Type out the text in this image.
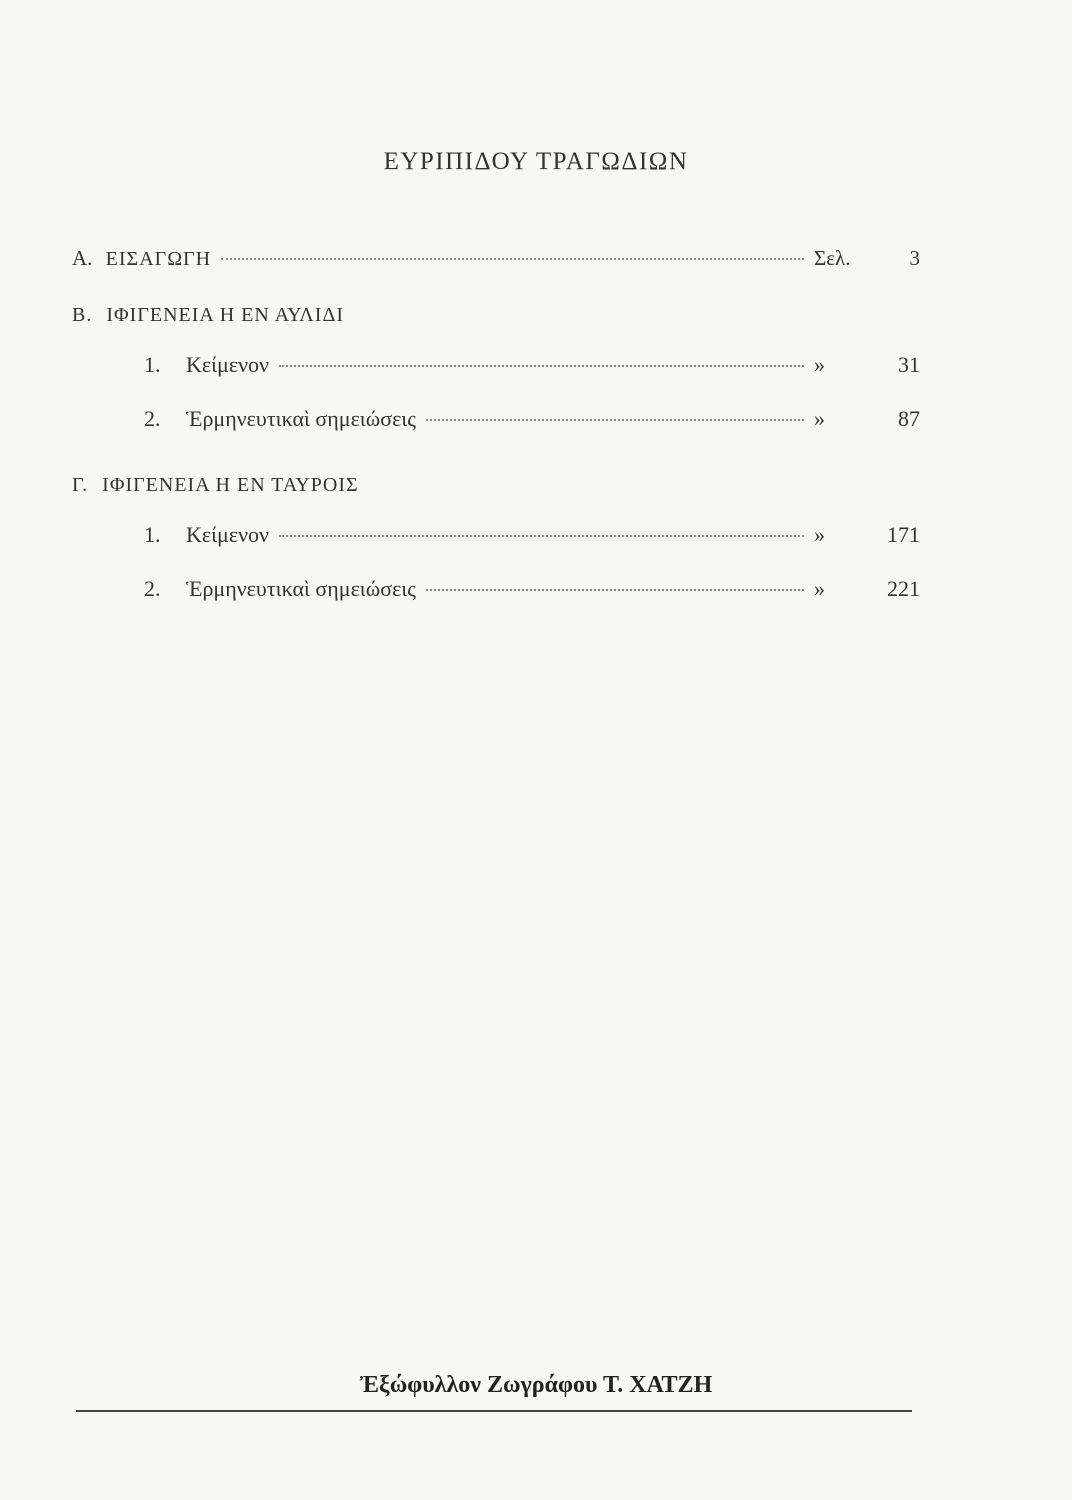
ΕΥΡΙΠΙΔΟΥ ΤΡΑΓΩΔΙΩΝ
Α. ΕΙΣΑΓΩΓΗ	Σελ.	3
Β. ΙΦΙΓΕΝΕΙΑ Η ΕΝ ΑΥΛΙΔΙ
1. Κείμενον	»	31
2. Ἑρμηνευτικαὶ σημειώσεις	»	87
Γ. ΙΦΙΓΕΝΕΙΑ Η ΕΝ ΤΑΥΡΟΙΣ
1. Κείμενον	»	171
2. Ἑρμηνευτικαὶ σημειώσεις	»	221
Ἐξώφυλλον Ζωγράφου Τ. ΧΑΤΖΗ
